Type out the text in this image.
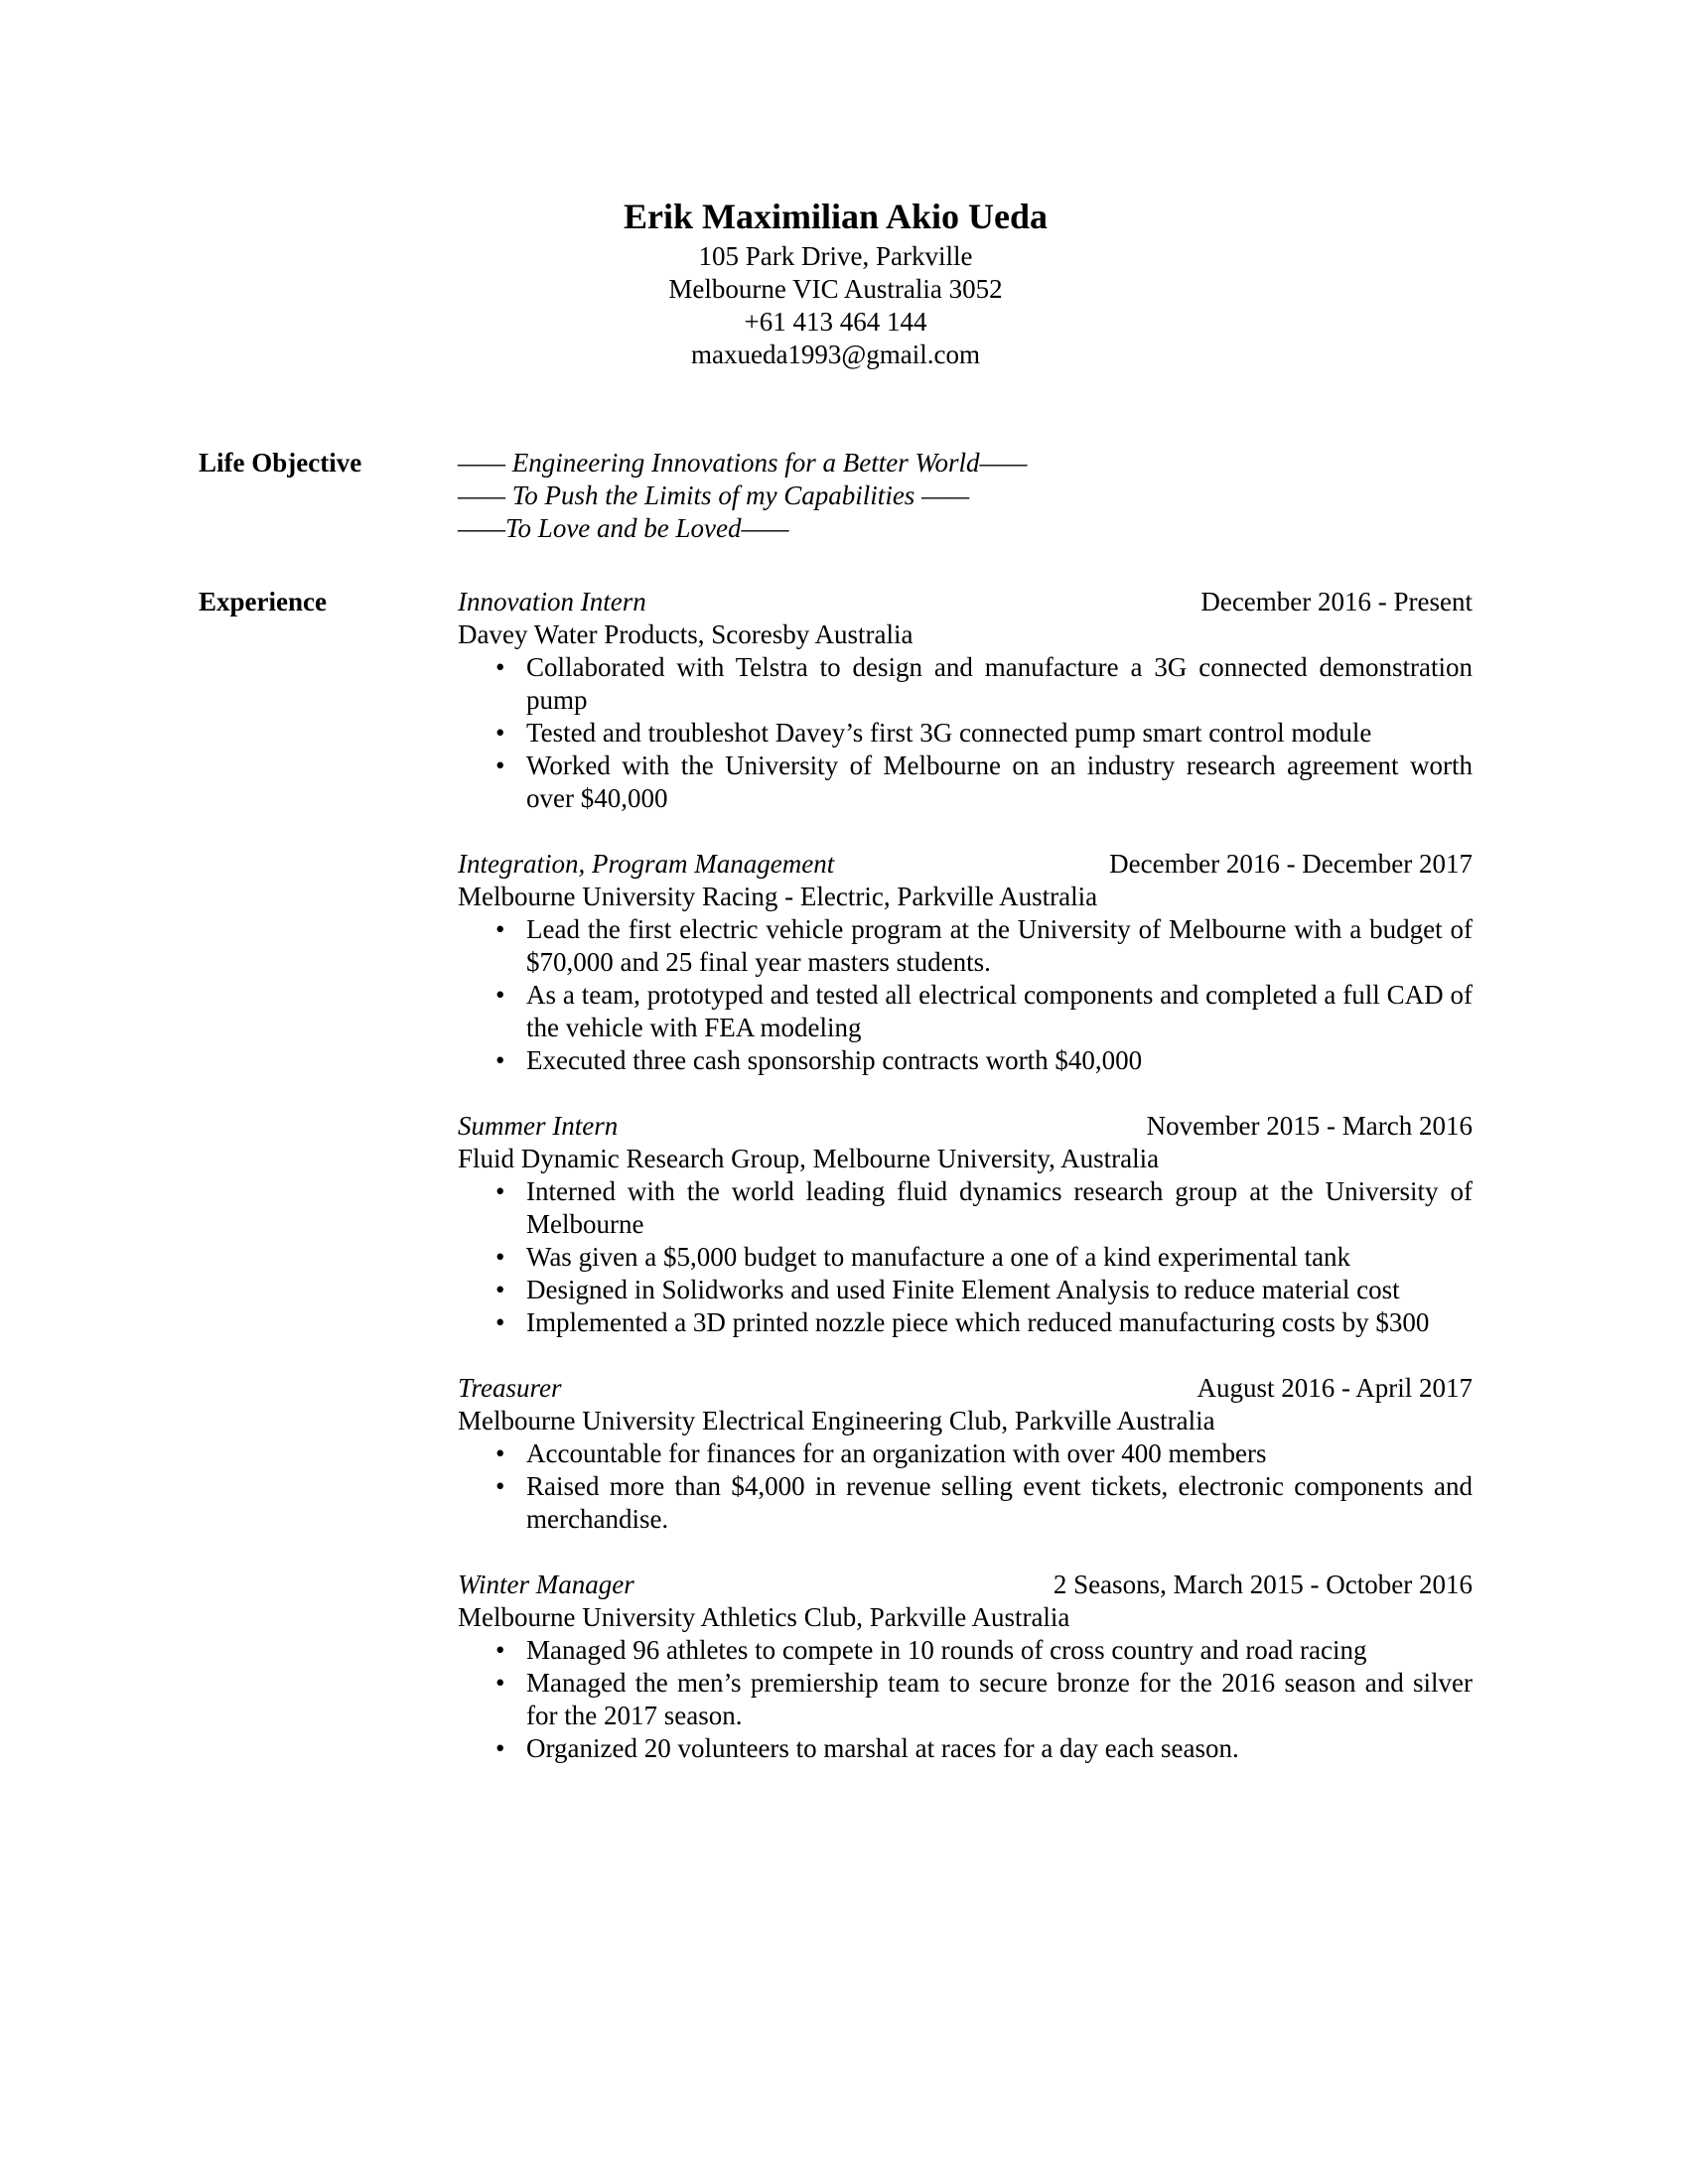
Erik Maximilian Akio Ueda
105 Park Drive, Parkville
Melbourne VIC Australia 3052
+61 413 464 144
maxueda1993@gmail.com
Life Objective	—— Engineering Innovations for a Better World——
—— To Push the Limits of my Capabilities ——
——To Love and be Loved——
Experience	Innovation Intern	December 2016 - Present
Davey Water Products, Scoresby Australia
• Collaborated with Telstra to design and manufacture a 3G connected demonstration pump
• Tested and troubleshot Davey’s first 3G connected pump smart control module
• Worked with the University of Melbourne on an industry research agreement worth over $40,000
Integration, Program Management	December 2016 - December 2017
Melbourne University Racing - Electric, Parkville Australia
• Lead the first electric vehicle program at the University of Melbourne with a budget of $70,000 and 25 final year masters students.
• As a team, prototyped and tested all electrical components and completed a full CAD of the vehicle with FEA modeling
• Executed three cash sponsorship contracts worth $40,000
Summer Intern	November 2015 - March 2016
Fluid Dynamic Research Group, Melbourne University, Australia
• Interned with the world leading fluid dynamics research group at the University of Melbourne
• Was given a $5,000 budget to manufacture a one of a kind experimental tank
• Designed in Solidworks and used Finite Element Analysis to reduce material cost
• Implemented a 3D printed nozzle piece which reduced manufacturing costs by $300
Treasurer	August 2016 - April 2017
Melbourne University Electrical Engineering Club, Parkville Australia
• Accountable for finances for an organization with over 400 members
• Raised more than $4,000 in revenue selling event tickets, electronic components and merchandise.
Winter Manager	2 Seasons, March 2015 - October 2016
Melbourne University Athletics Club, Parkville Australia
• Managed 96 athletes to compete in 10 rounds of cross country and road racing
• Managed the men’s premiership team to secure bronze for the 2016 season and silver for the 2017 season.
• Organized 20 volunteers to marshal at races for a day each season.
